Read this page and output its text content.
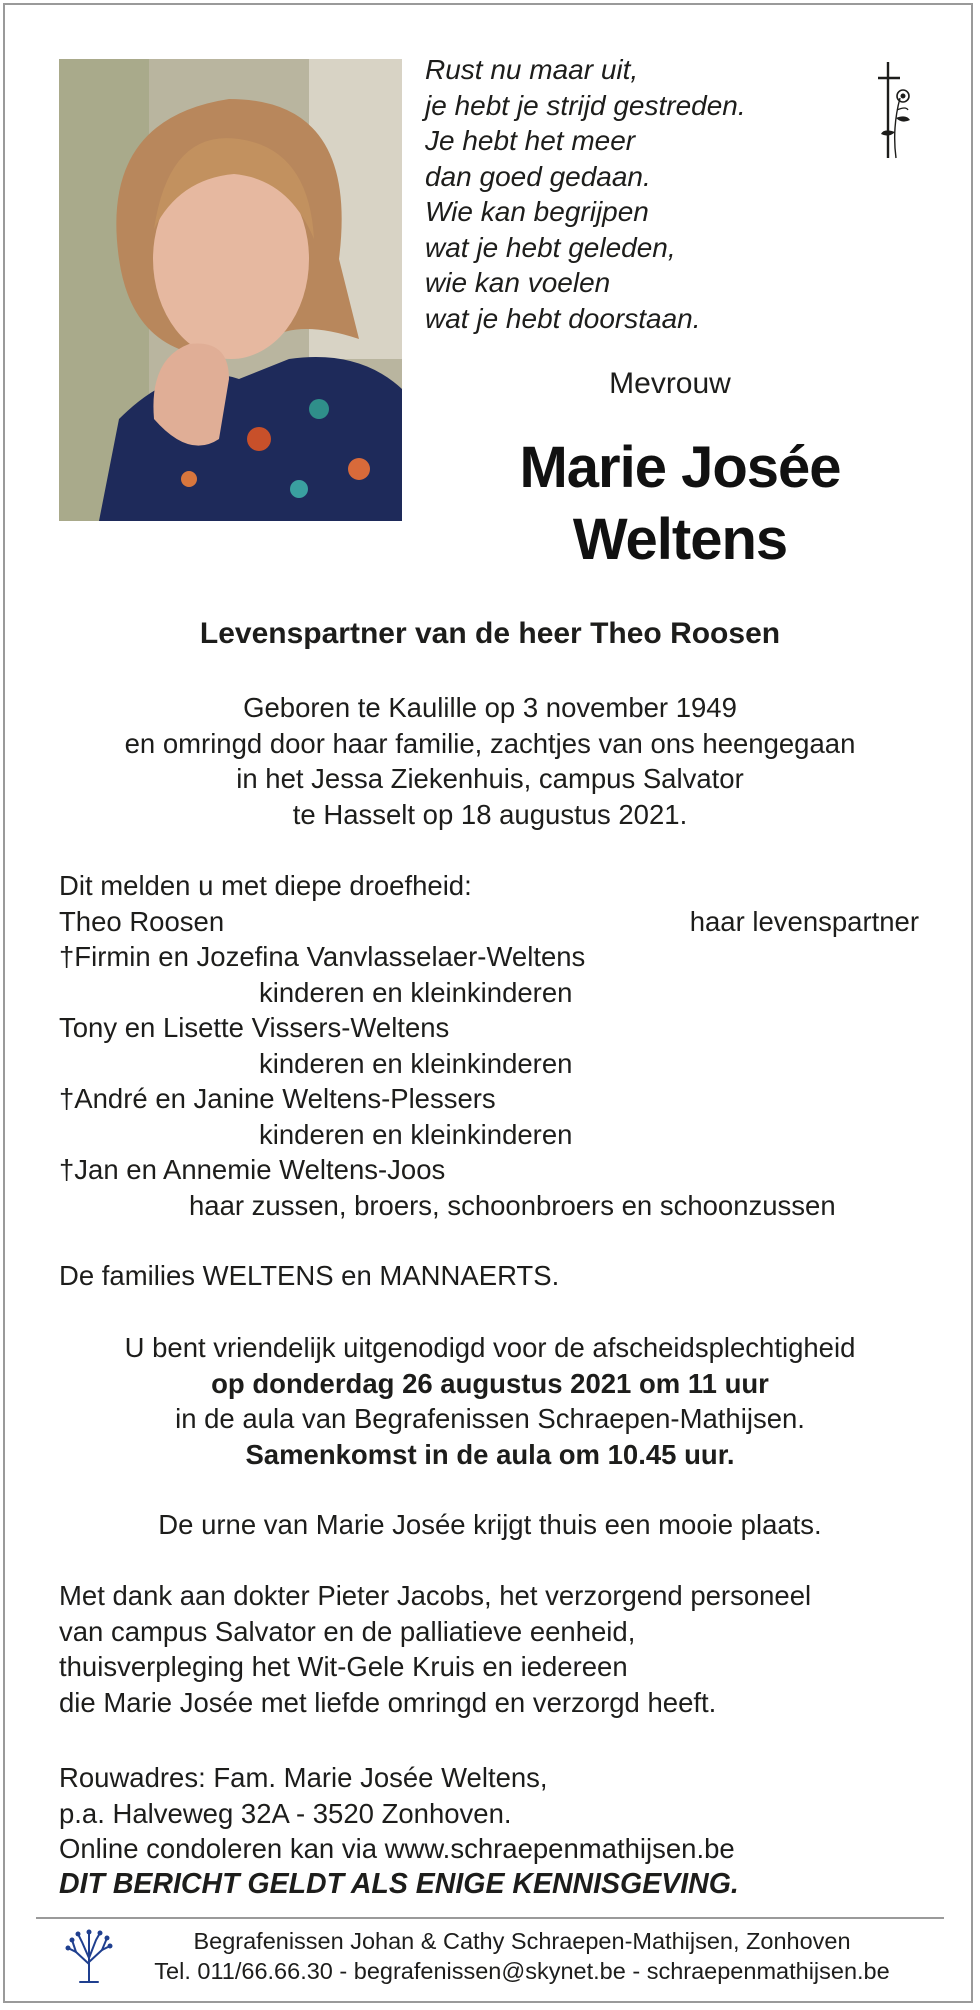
Rust nu maar uit,
je hebt je strijd gestreden.
Je hebt het meer
dan goed gedaan.
Wie kan begrijpen
wat je hebt geleden,
wie kan voelen
wat je hebt doorstaan.
Mevrouw
Marie Josée
Weltens
Levenspartner van de heer Theo Roosen
Geboren te Kaulille op 3 november 1949
en omringd door haar familie, zachtjes van ons heengegaan
in het Jessa Ziekenhuis, campus Salvator
te Hasselt op 18 augustus 2021.
Dit melden u met diepe droefheid:
Theo Roosen	haar levenspartner
†Firmin en Jozefina Vanvlasselaer-Weltens
kinderen en kleinkinderen
Tony en Lisette Vissers-Weltens
kinderen en kleinkinderen
†André en Janine Weltens-Plessers
kinderen en kleinkinderen
†Jan en Annemie Weltens-Joos
haar zussen, broers, schoonbroers en schoonzussen
De families WELTENS en MANNAERTS.
U bent vriendelijk uitgenodigd voor de afscheidsplechtigheid
op donderdag 26 augustus 2021 om 11 uur
in de aula van Begrafenissen Schraepen-Mathijsen.
Samenkomst in de aula om 10.45 uur.
De urne van Marie Josée krijgt thuis een mooie plaats.
Met dank aan dokter Pieter Jacobs, het verzorgend personeel
van campus Salvator en de palliatieve eenheid,
thuisverpleging het Wit-Gele Kruis en iedereen
die Marie Josée met liefde omringd en verzorgd heeft.
Rouwadres: Fam. Marie Josée Weltens,
p.a. Halveweg 32A - 3520 Zonhoven.
Online condoleren kan via www.schraepenmathijsen.be
DIT BERICHT GELDT ALS ENIGE KENNISGEVING.
Begrafenissen Johan & Cathy Schraepen-Mathijsen, Zonhoven
Tel. 011/66.66.30 - begrafenissen@skynet.be - schraepenmathijsen.be
